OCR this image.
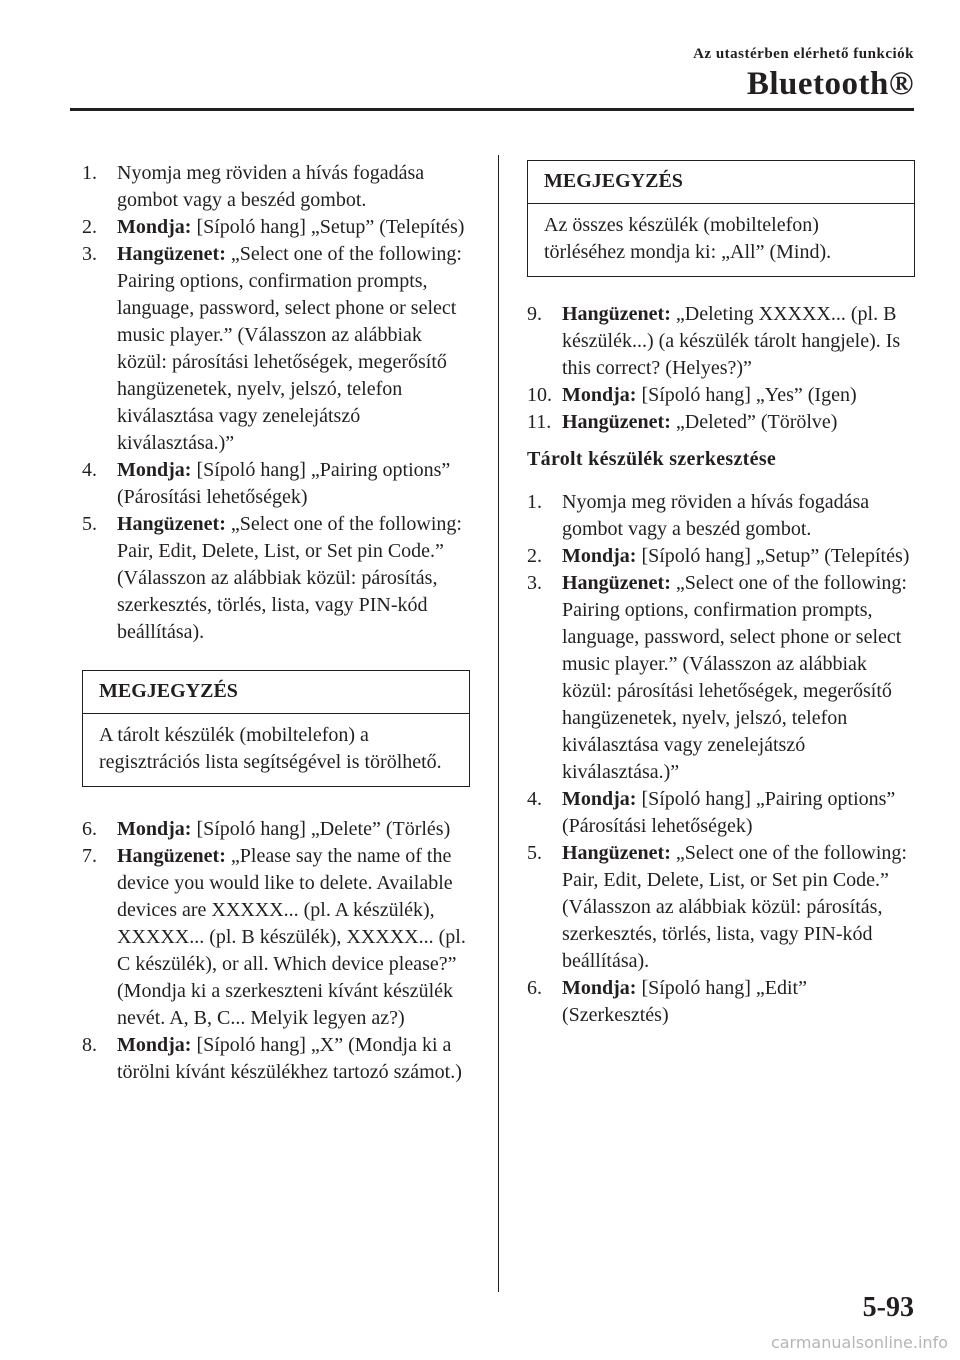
Az utastérben elérhető funkciók
Bluetooth®

1. Nyomja meg röviden a hívás fogadása gombot vagy a beszéd gombot.

2. Mondja: [Sípoló hang] „Setup” (Telepítés)

3. Hangüzenet: „Select one of the following: Pairing options, confirmation prompts, language, password, select phone or select music player.” (Válasszon az alábbiak közül: párosítási lehetőségek, megerősítő hangüzenetek, nyelv, jelszó, telefon kiválasztása vagy zenelejátszó kiválasztása.)”

4. Mondja: [Sípoló hang] „Pairing options” (Párosítási lehetőségek)

5. Hangüzenet: „Select one of the following: Pair, Edit, Delete, List, or Set pin Code.” (Válasszon az alábbiak közül: párosítás, szerkesztés, törlés, lista, vagy PIN-kód beállítása).

MEGJEGYZÉS
A tárolt készülék (mobiltelefon) a regisztrációs lista segítségével is törölhető.

6. Mondja: [Sípoló hang] „Delete” (Törlés)

7. Hangüzenet: „Please say the name of the device you would like to delete. Available devices are XXXXX... (pl. A készülék), XXXXX... (pl. B készülék), XXXXX... (pl. C készülék), or all. Which device please?” (Mondja ki a szerkeszteni kívánt készülék nevét. A, B, C... Melyik legyen az?)

8. Mondja: [Sípoló hang] „X” (Mondja ki a törölni kívánt készülékhez tartozó számot.)

MEGJEGYZÉS
Az összes készülék (mobiltelefon) törléséhez mondja ki: „All” (Mind).

9. Hangüzenet: „Deleting XXXXX... (pl. B készülék...) (a készülék tárolt hangjele). Is this correct? (Helyes?)”

10. Mondja: [Sípoló hang] „Yes” (Igen)

11. Hangüzenet: „Deleted” (Törölve)

Tárolt készülék szerkesztése

1. Nyomja meg röviden a hívás fogadása gombot vagy a beszéd gombot.

2. Mondja: [Sípoló hang] „Setup” (Telepítés)

3. Hangüzenet: „Select one of the following: Pairing options, confirmation prompts, language, password, select phone or select music player.” (Válasszon az alábbiak közül: párosítási lehetőségek, megerősítő hangüzenetek, nyelv, jelszó, telefon kiválasztása vagy zenelejátszó kiválasztása.)”

4. Mondja: [Sípoló hang] „Pairing options” (Párosítási lehetőségek)

5. Hangüzenet: „Select one of the following: Pair, Edit, Delete, List, or Set pin Code.” (Válasszon az alábbiak közül: párosítás, szerkesztés, törlés, lista, vagy PIN-kód beállítása).

6. Mondja: [Sípoló hang] „Edit” (Szerkesztés)

5-93
carmanualsonline.info
